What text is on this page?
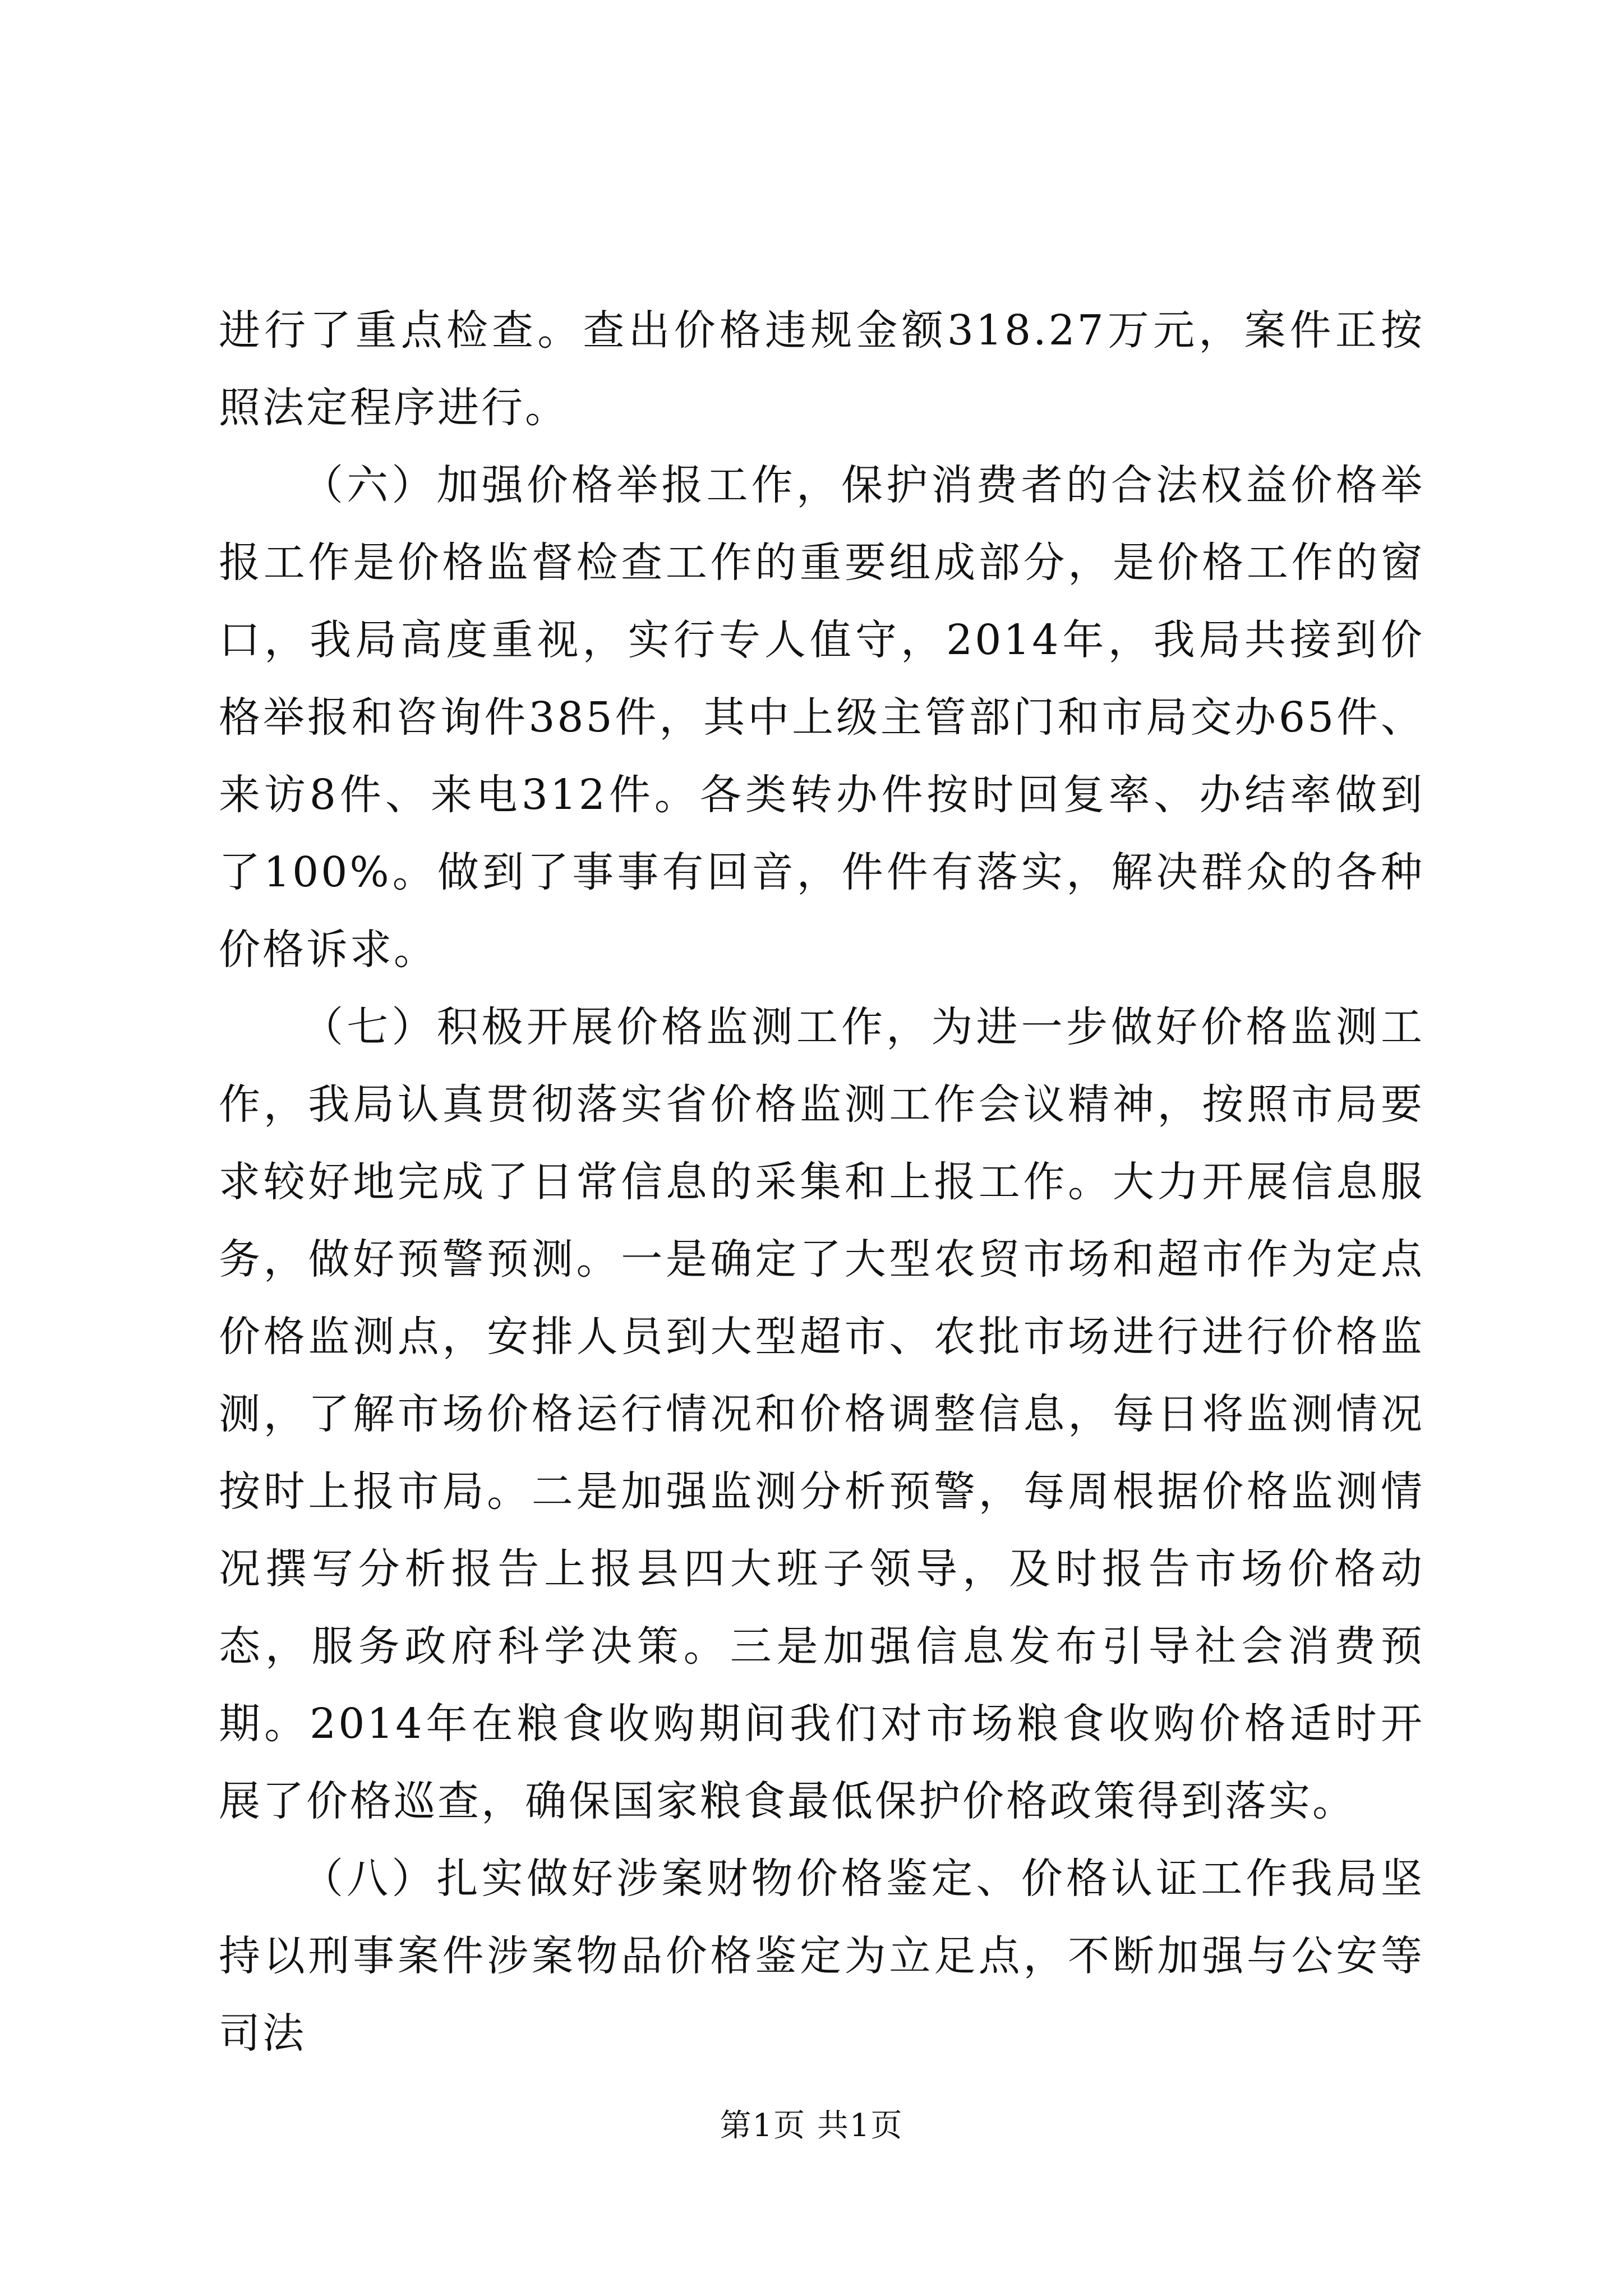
进行了重点检查。查出价格违规金额318.27万元，案件正按照法定程序进行。

（六）加强价格举报工作，保护消费者的合法权益价格举报工作是价格监督检查工作的重要组成部分，是价格工作的窗口，我局高度重视，实行专人值守，2014年，我局共接到价格举报和咨询件385件，其中上级主管部门和市局交办65件、来访8件、来电312件。各类转办件按时回复率、办结率做到了100%。做到了事事有回音，件件有落实，解决群众的各种价格诉求。

（七）积极开展价格监测工作，为进一步做好价格监测工作，我局认真贯彻落实省价格监测工作会议精神，按照市局要求较好地完成了日常信息的采集和上报工作。大力开展信息服务，做好预警预测。一是确定了大型农贸市场和超市作为定点价格监测点，安排人员到大型超市、农批市场进行进行价格监测，了解市场价格运行情况和价格调整信息，每日将监测情况按时上报市局。二是加强监测分析预警，每周根据价格监测情况撰写分析报告上报县四大班子领导，及时报告市场价格动态，服务政府科学决策。三是加强信息发布引导社会消费预期。2014年在粮食收购期间我们对市场粮食收购价格适时开展了价格巡查，确保国家粮食最低保护价格政策得到落实。

（八）扎实做好涉案财物价格鉴定、价格认证工作我局坚持以刑事案件涉案物品价格鉴定为立足点，不断加强与公安等司法

第1页 共1页
